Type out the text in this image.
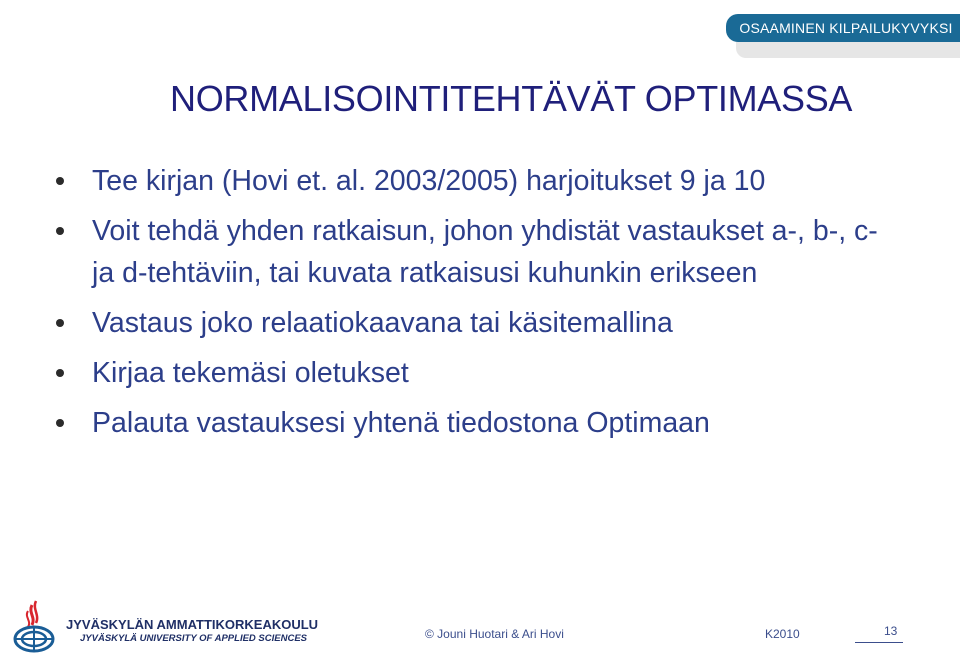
OSAAMINEN KILPAILUKYVYKSI
NORMALISOINTITEHTÄVÄT OPTIMASSA
Tee kirjan (Hovi et. al. 2003/2005) harjoitukset 9 ja 10
Voit tehdä yhden ratkaisun, johon yhdistät vastaukset a-, b-, c- ja d-tehtäviin, tai kuvata ratkaisusi kuhunkin erikseen
Vastaus joko relaatiokaavana tai käsitemallina
Kirjaa tekemäsi oletukset
Palauta vastauksesi yhtenä tiedostona Optimaan
JYVÄSKYLÄN AMMATTIKORKEAKOULU
JYVÄSKYLÄ UNIVERSITY OF APPLIED SCIENCES	© Jouni Huotari & Ari Hovi	K2010	13
